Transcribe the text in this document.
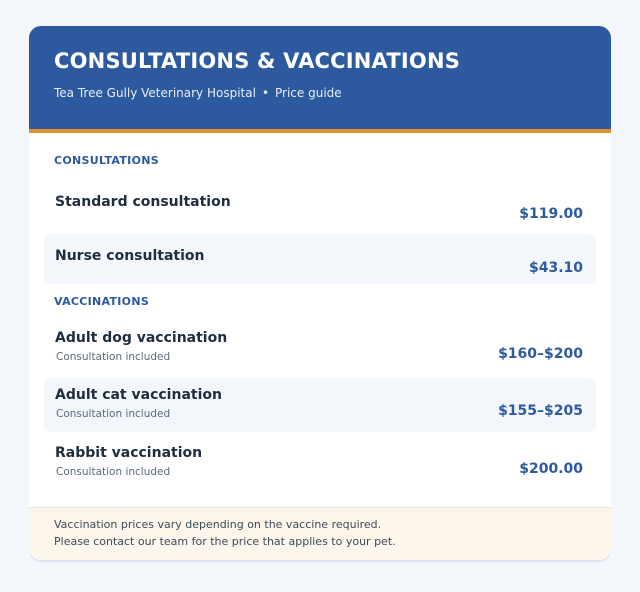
CONSULTATIONS & VACCINATIONS
Tea Tree Gully Veterinary Hospital • Price guide
CONSULTATIONS
Standard consultation
$119.00
Nurse consultation
$43.10
VACCINATIONS
Adult dog vaccination
Consultation included	$160–$200
Adult cat vaccination
Consultation included	$155–$205
Rabbit vaccination
Consultation included	$200.00
Vaccination prices vary depending on the vaccine required.
Please contact our team for the price that applies to your pet.
